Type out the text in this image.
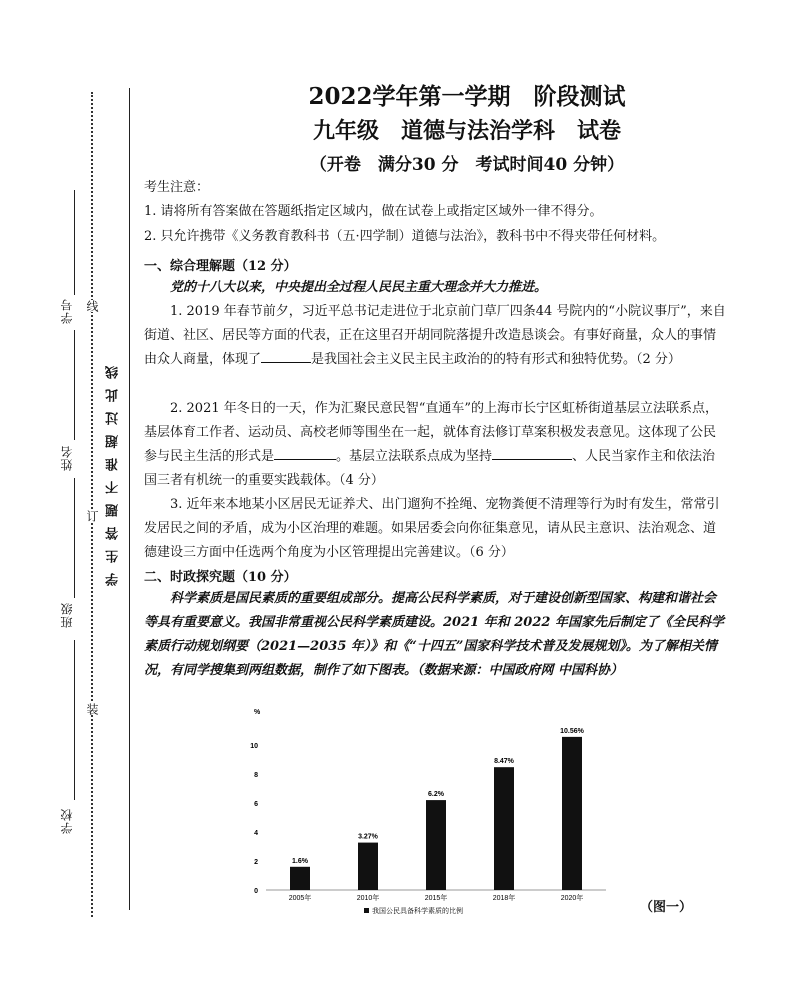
学号
姓名
班级
学校
线
订
装
学生答题不准超过此线
2022学年第一学期　阶段测试
九年级　道德与法治学科　试卷
（开卷　满分30 分　考试时间40 分钟）
考生注意：
1. 请将所有答案做在答题纸指定区域内，做在试卷上或指定区域外一律不得分。
2. 只允许携带《义务教育教科书（五·四学制）道德与法治》，教科书中不得夹带任何材料。
一、综合理解题（12 分）
党的十八大以来，中央提出全过程人民民主重大理念并大力推进。
1. 2019 年春节前夕，习近平总书记走进位于北京前门草厂四条44 号院内的“小院议事厅”，来自街道、社区、居民等方面的代表，正在这里召开胡同院落提升改造恳谈会。有事好商量，众人的事情由众人商量，体现了	是我国社会主义民主民主政治的的特有形式和独特优势。（2 分）
2. 2021 年冬日的一天，作为汇聚民意民智“直通车”的上海市长宁区虹桥街道基层立法联系点，基层体育工作者、运动员、高校老师等围坐在一起，就体育法修订草案积极发表意见。这体现了公民参与民主生活的形式是	。基层立法联系点成为坚持	、人民当家作主和依法治国三者有机统一的重要实践载体。（4 分）
3. 近年来本地某小区居民无证养犬、出门遛狗不拴绳、宠物粪便不清理等行为时有发生，常常引发居民之间的矛盾，成为小区治理的难题。如果居委会向你征集意见，请从民主意识、法治观念、道德建设三方面中任选两个角度为小区管理提出完善建议。（6 分）
二、时政探究题（10 分）
科学素质是国民素质的重要组成部分。提高公民科学素质，对于建设创新型国家、构建和谐社会等具有重要意义。我国非常重视公民科学素质建设。2021 年和 2022 年国家先后制定了《全民科学素质行动规划纲要（2021—2035 年）》和《“十四五”国家科学技术普及发展规划》。为了解相关情况，有同学搜集到两组数据，制作了如下图表。（数据来源：中国政府网 中国科协）
%
0
2
4
6
8
10
1.6%
2005年
3.27%
2010年
6.2%
2015年
8.47%
2018年
10.56%
2020年
我国公民具备科学素质的比例	（图一）
